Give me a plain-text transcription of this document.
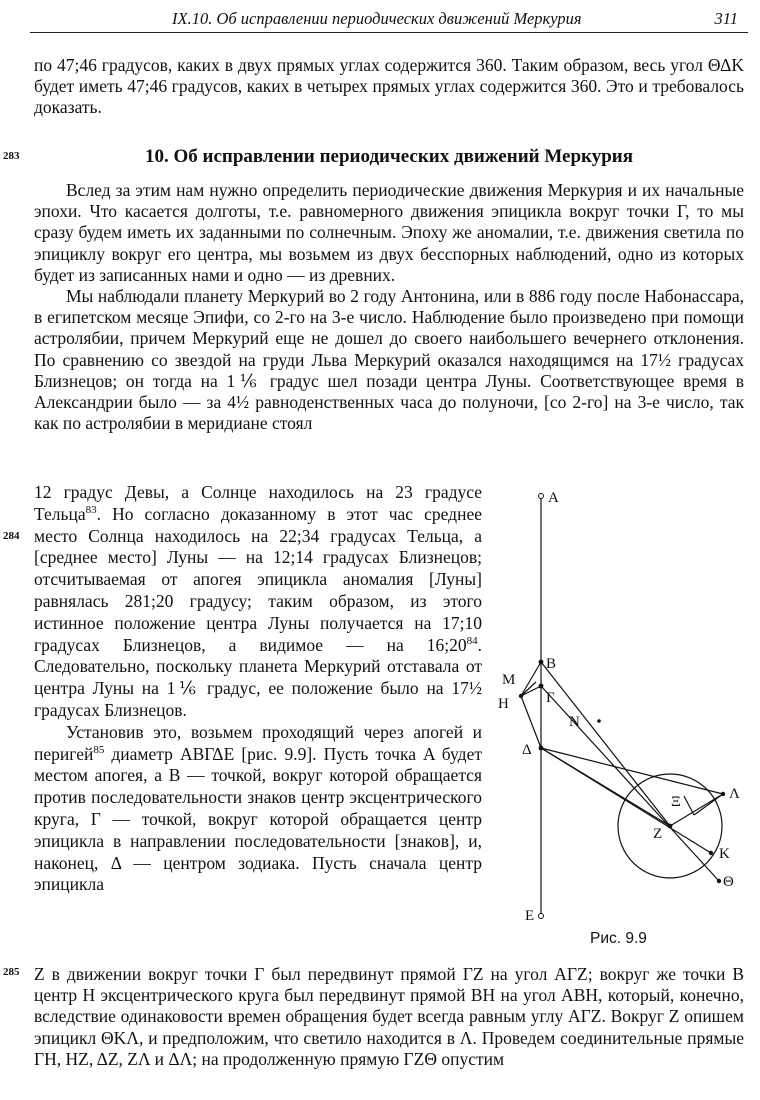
IX.10. Об исправлении периодических движений Меркурия	311

по 47;46 градусов, каких в двух прямых углах содержится 360. Таким образом, весь угол ΘΔK будет иметь 47;46 градусов, каких в четырех прямых углах содержится 360. Это и требовалось доказать.

283
284
285
10. Об исправлении периодических движений Меркурия

Вслед за этим нам нужно определить периодические движения Меркурия и их начальные эпохи. Что касается долготы, т.е. равномерного движения эпицикла вокруг точки Γ, то мы сразу будем иметь их заданными по солнечным. Эпоху же аномалии, т.е. движения светила по эпициклу вокруг его центра, мы возьмем из двух бесспорных наблюдений, одно из которых будет из записанных нами и одно — из древних.

Мы наблюдали планету Меркурий во 2 году Антонина, или в 886 году после Набонассара, в египетском месяце Эпифи, со 2-го на 3-е число. Наблюдение было произведено при помощи астролябии, причем Меркурий еще не дошел до своего наибольшего вечернего отклонения. По сравнению со звездой на груди Льва Меркурий оказался находящимся на 17½ градусах Близнецов; он тогда на 1⅙ градус шел позади центра Луны. Соответствующее время в Александрии было — за 4½ равноденственных часа до полуночи, [со 2-го] на 3-е число, так как по астролябии в меридиане стоял

12 градус Девы, а Солнце находилось на 23 градусе Тельца$^{83}$. Но согласно доказанному в этот час среднее место Солнца находилось на 22;34 градусах Тельца, а [среднее место] Луны — на 12;14 градусах Близнецов; отсчитываемая от апогея эпицикла аномалия [Луны] равнялась 281;20 градусу; таким образом, из этого истинное положение центра Луны получается на 17;10 градусах Близнецов, а видимое — на $16;20^{84}$. Следовательно, поскольку планета Меркурий отставала от центра Луны на 1⅙ градус, ее положение было на 17½ градусах Близнецов.

Установив это, возьмем проходящий через апогей и перигей$^{85}$ диаметр ΑΒΓΔΕ [рис. 9.9]. Пусть точка Α будет местом апогея, а Β — точкой, вокруг которой обращается против последовательности знаков центр эксцентрического круга, Γ — точкой, вокруг которой обращается центр эпицикла в направлении последовательности [знаков], и, наконец, Δ — центром зодиака. Пусть сначала центр эпицикла

Α
Β
Γ
Δ
Ε
Μ
Η
Ν
Ξ
Ζ
Λ
Κ
Θ
Рис. 9.9

Ζ в движении вокруг точки Γ был передвинут прямой ΓΖ на угол ΑΓΖ; вокруг же точки Β центр Η эксцентрического круга был передвинут прямой ΒΗ на угол ΑΒΗ, который, конечно, вследствие одинаковости времен обращения будет всегда равным углу ΑΓΖ. Вокруг Ζ опишем эпицикл ΘΚΛ, и предположим, что светило находится в Λ. Проведем соединительные прямые ΓΗ, ΗΖ, ΔΖ, ΖΛ и ΔΛ; на продолженную прямую ΓΖΘ опустим
